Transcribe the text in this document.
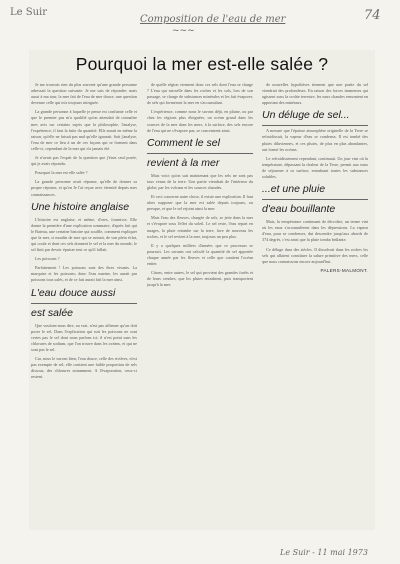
Le Suir
Composition de l'eau de mer
~~~
74
Pourquoi la mer est-elle salée ?

Je me trouvais rien du plus souvent qu'une grande personne adressait la question suivante: Je me suis de répondre; mais aussi à ma tour, la mer fait de l'eau de mer douce, une question devenue celle qui m'a toujours intriguée.

La grande personne à laquelle je pense est confiante celle et que le premier pas m'a qualifié qu'on attendait de connaître mes avis sur certains sujets que la philosophie, l'analyse, l'expérience, il faut la fuite du quantité. Elle aurait en même la raison, qu'elle ne faisait pas mal qu'elle ignorait. Soit j'analyse, l'eau de mer ce lieu à un de ces façons qui se forment dans celle-ci, cependant de la mer qui n'a jamais été.

Je n'avais pas l'esprit de la question que j'étais seul posée, qui je avais répondu.

Pourquoi la mer est-elle salée ?

La grande personne avait réponse, qu'elle de donner sa propre réponse, et qu'en Je l'ai reçue avec éternité depuis mes connaissances.

Une histoire anglaise

L'histoire est anglaise, et même, d'ores, fournisse. Elle donne la première d'une explication sommaire, d'après fait qui le Bateau, une certaine histoire qui souffle, comment expliquer que la mer, si moulin de mer qui se ruinait, de son plein éclat, qui coule et dont ces sels donnent le sel et la mer du monde, le sel finit par devoir épuiser tout ce qu'il fallait.

Les poissons ?

Parfaitement ! Les poissons sont des êtres vivants. La marquise et les poissons; donc l'eau marine, les aurait par poissons tous salés, et de ce fait aurait fait la mer ainsi.

L'eau douce aussi
est salée

Que voulons-nous dire, au vrai, n'est pas affirmer qu'on doit poser le sel, Dans l'explication qui suit les poissons ne sont certes pas le sel dont nous parlons ici; il n'est point sans les chlorures de sodium, que l'on trouve dans les océans, et qui ne sont pas le sel.

Car, nous le savons bien, l'eau douce, celle des rivières, n'est pas exempte de sel; elle contient une faible proportion de sels dissous, des chlorures notamment. A l'évaporation, ceux-ci restent.

de quelle région viennent donc ces sels dont l'eau se charge ? L'eau qui ruisselle dans les roches et les sols, lors de son passage, se charge de substances minérales et les fait évaporer, de sels qui formeront la mer en s'accumulant.

L'expérience, comme nous le savons déjà, en plaine, ou par chez les régions plus éloignées, un océan grand dans les sources de la mer dans les mers, à la surface, des sels encore de l'eau qui ne s'évapore pas, se concentrent ainsi.

Comment le sel
revient à la mer

Mais voici qu'on sait maintenant que les sels ne sont pas tous venus de la terre. Une partie viendrait de l'intérieur du globe, par les volcans et les sources chaudes.

Et ceci concerne autre chose, il existe une explication. Il faut alors supposer que la mer est salée depuis toujours, ou presque, et que le sel rejoint ainsi la mer.

Mais l'eau des fleuves, chargée de sels, se jette dans la mer et s'évapore sous l'effet du soleil. Le sel reste, l'eau repart en nuages, la pluie retombe sur la terre, lave de nouveau les roches, et le sel revient à la mer, toujours un peu plus.

Il y a quelques milliers d'années que ce processus se poursuit. Les savants ont calculé la quantité de sel apportée chaque année par les fleuves et celle que contient l'océan entier.

Citons, entre autres, le sel qui provient des grandes forêts et de leurs cendres, que les pluies entraînent, puis transportent jusqu'à la mer.

de nouvelles hypothèses tiennent que une partie du sel viendrait des profondeurs. En raison des forces immenses qui agissent sous la croûte terrestre, les eaux chaudes remontent en apportant des minéraux.

Un déluge de sel...

A mesure que l'épaisse atmosphère originelle de la Terre se refroidissait, la vapeur d'eau se condensa. Il est tombé des pluies diluviennes, et ces pluies, de plus en plus abondantes, ont formé les océans.

Le refroidissement cependant, continuait. Un jour vint où la température, dépassant la chaleur de la Terre, permit aux eaux de séjourner à sa surface, entraînant toutes les substances solubles.

...et une pluie
d'eau bouillante

Mais, la température continuant de décroître, un terme vint où les eaux s'accumulèrent dans les dépressions. La vapeur d'eau, pour se condenser, dut descendre jusqu'aux abords de 374 degrés, c'est ainsi que la pluie tomba brûlante.

Ce déluge dura des siècles. Il dissolvait dans les roches les sels qui allaient constituer la salure primitive des mers, celle que nous connaissons encore aujourd'hui.

PALERS-MALMONT.
Le Suir - 11 mai 1973
